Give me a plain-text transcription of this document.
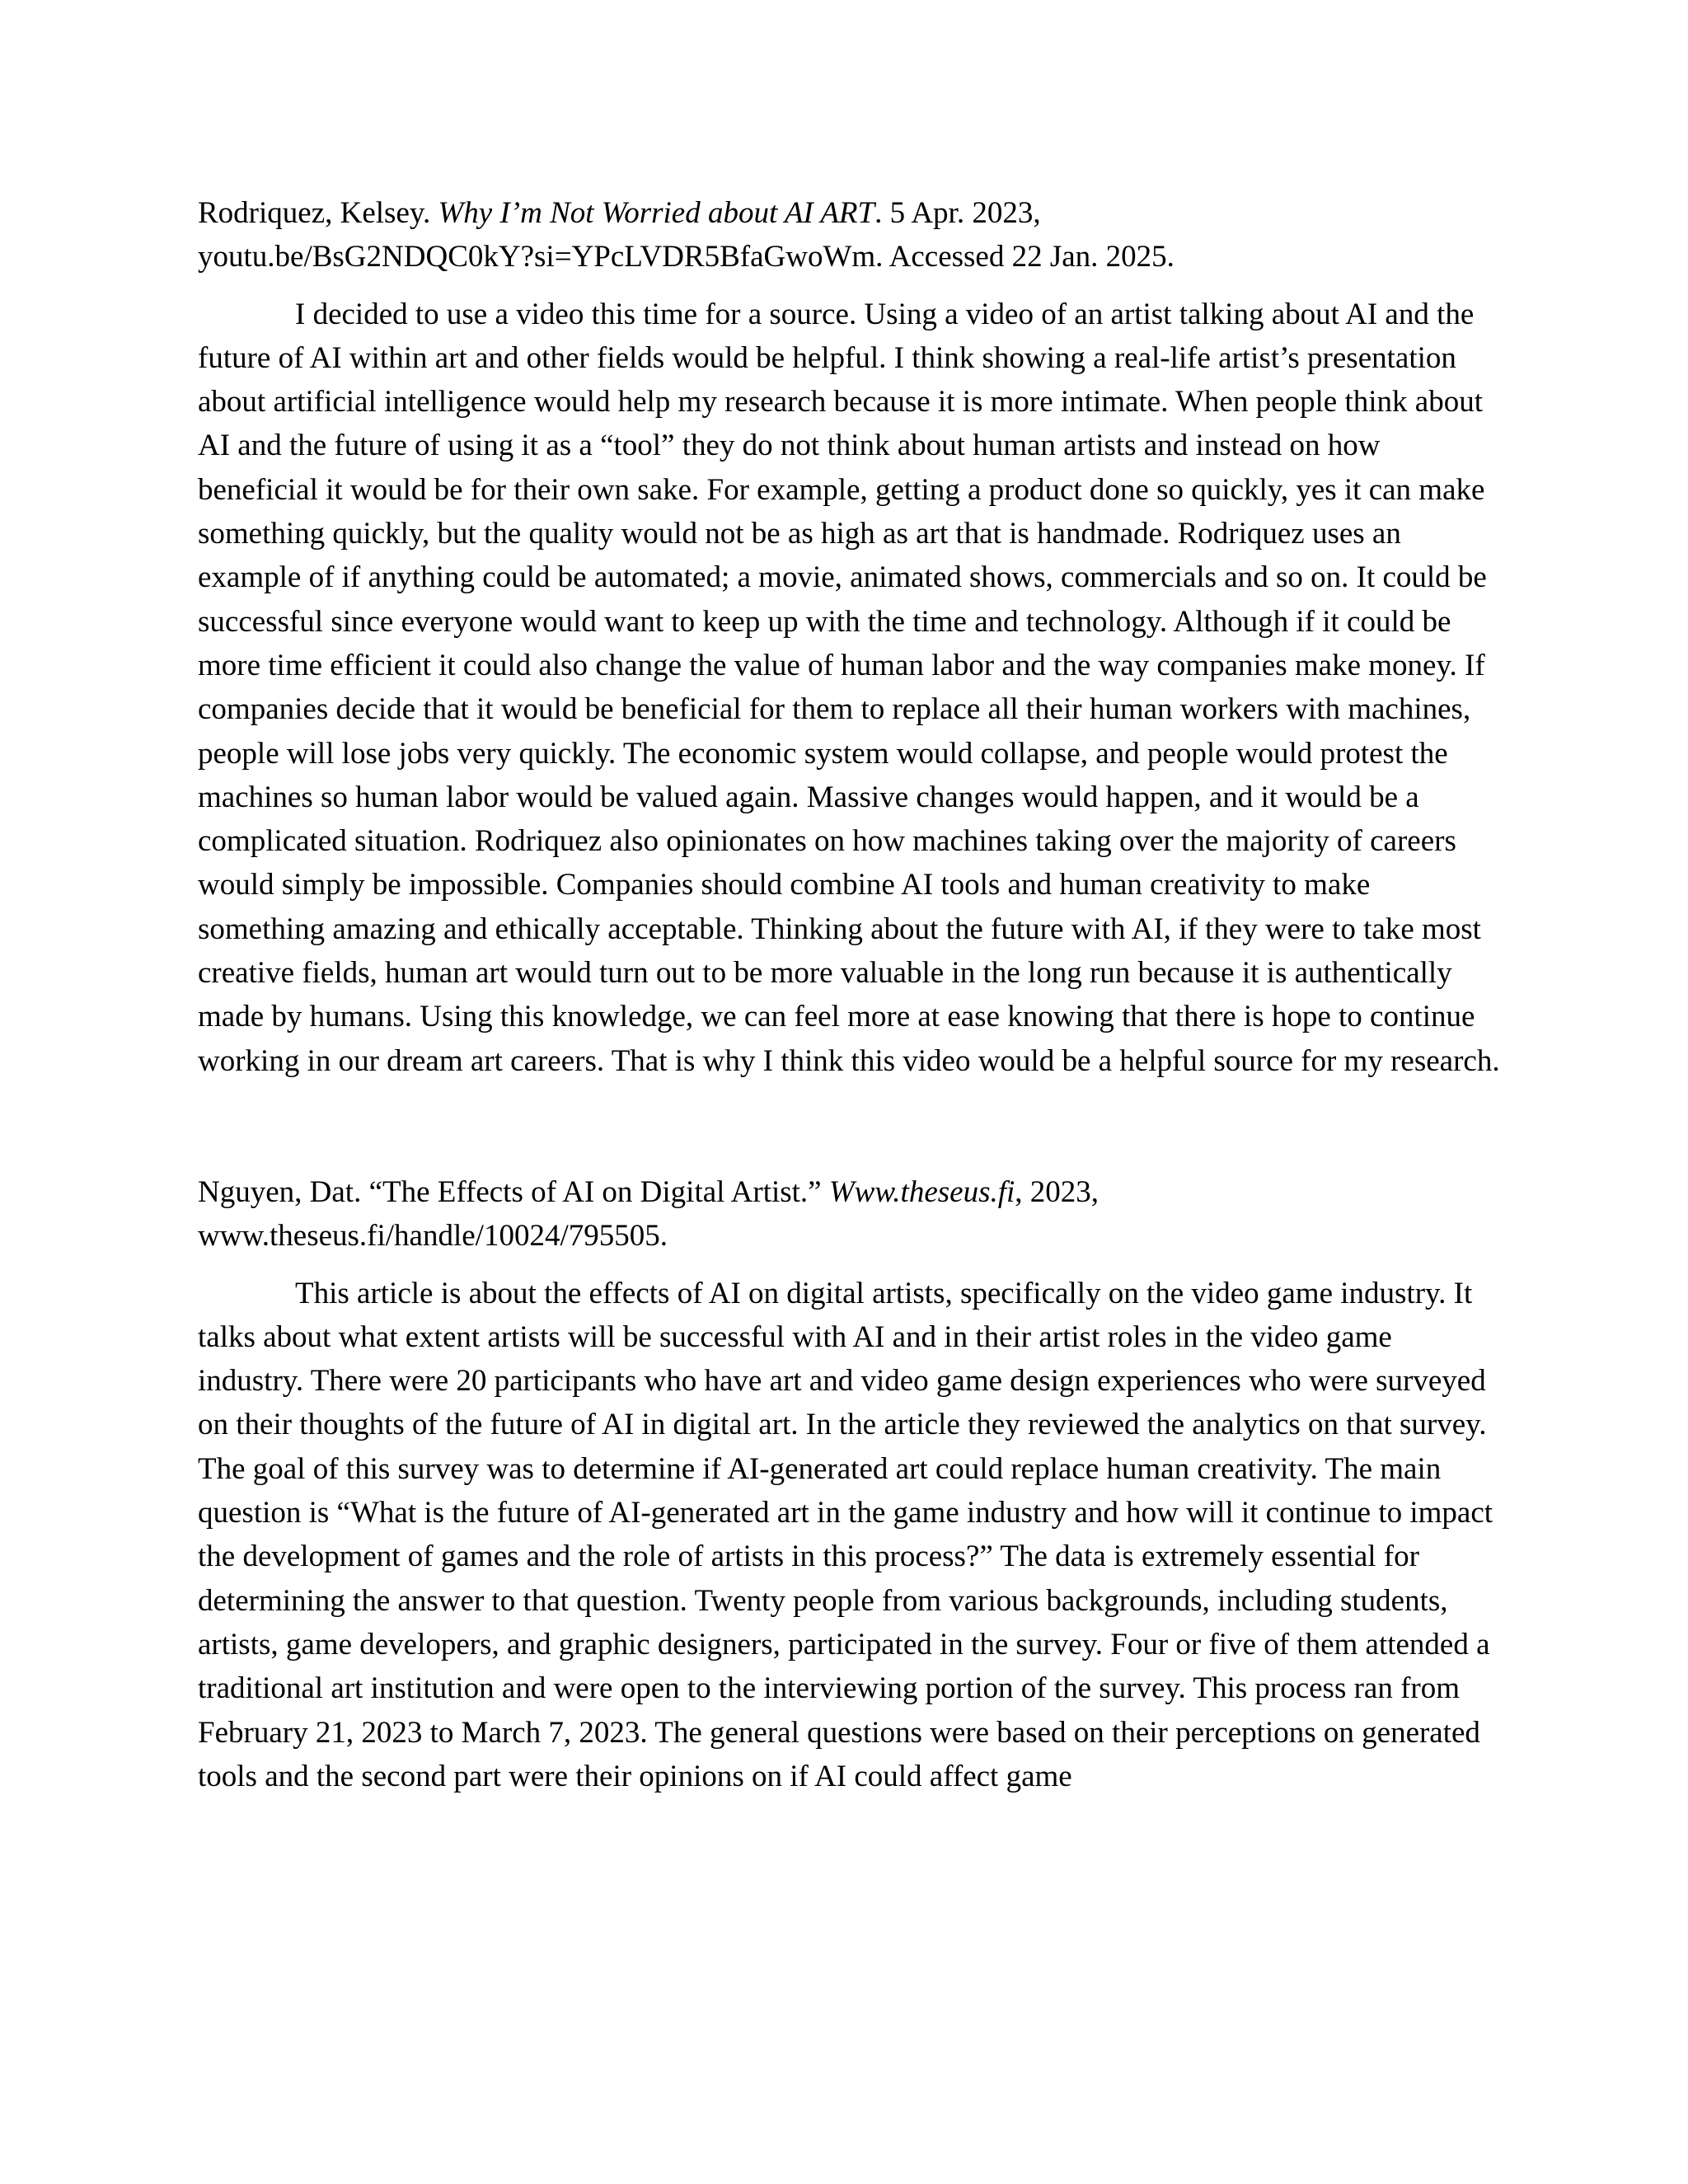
Rodriquez, Kelsey. Why I’m Not Worried about AI ART. 5 Apr. 2023,
youtu.be/BsG2NDQC0kY?si=YPcLVDR5BfaGwoWm. Accessed 22 Jan. 2025.

I decided to use a video this time for a source. Using a video of an artist talking about AI and the future of AI within art and other fields would be helpful. I think showing a real-life artist’s presentation about artificial intelligence would help my research because it is more intimate. When people think about AI and the future of using it as a “tool” they do not think about human artists and instead on how beneficial it would be for their own sake. For example, getting a product done so quickly, yes it can make something quickly, but the quality would not be as high as art that is handmade. Rodriquez uses an example of if anything could be automated; a movie, animated shows, commercials and so on. It could be successful since everyone would want to keep up with the time and technology. Although if it could be more time efficient it could also change the value of human labor and the way companies make money. If companies decide that it would be beneficial for them to replace all their human workers with machines, people will lose jobs very quickly. The economic system would collapse, and people would protest the machines so human labor would be valued again. Massive changes would happen, and it would be a complicated situation. Rodriquez also opinionates on how machines taking over the majority of careers would simply be impossible. Companies should combine AI tools and human creativity to make something amazing and ethically acceptable. Thinking about the future with AI, if they were to take most creative fields, human art would turn out to be more valuable in the long run because it is authentically made by humans. Using this knowledge, we can feel more at ease knowing that there is hope to continue working in our dream art careers. That is why I think this video would be a helpful source for my research.

Nguyen, Dat. “The Effects of AI on Digital Artist.” Www.theseus.fi, 2023,
www.theseus.fi/handle/10024/795505.

This article is about the effects of AI on digital artists, specifically on the video game industry. It talks about what extent artists will be successful with AI and in their artist roles in the video game industry. There were 20 participants who have art and video game design experiences who were surveyed on their thoughts of the future of AI in digital art. In the article they reviewed the analytics on that survey. The goal of this survey was to determine if AI-generated art could replace human creativity. The main question is “What is the future of AI-generated art in the game industry and how will it continue to impact the development of games and the role of artists in this process?” The data is extremely essential for determining the answer to that question. Twenty people from various backgrounds, including students, artists, game developers, and graphic designers, participated in the survey. Four or five of them attended a traditional art institution and were open to the interviewing portion of the survey. This process ran from February 21, 2023 to March 7, 2023. The general questions were based on their perceptions on generated tools and the second part were their opinions on if AI could affect game
